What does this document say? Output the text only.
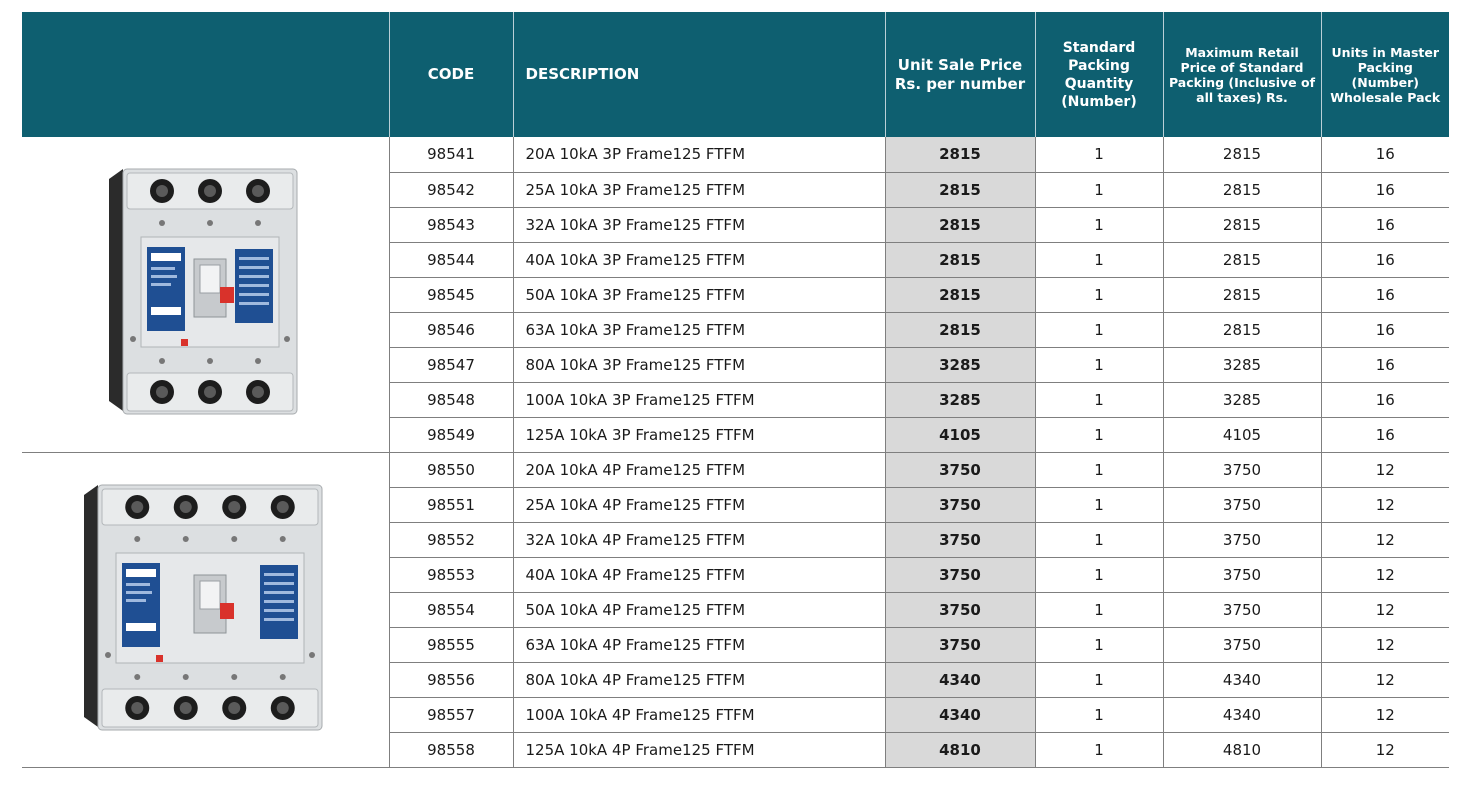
	CODE	DESCRIPTION	Unit Sale Price Rs. per number	Standard Packing Quantity (Number)	Maximum Retail Price of Standard Packing (Inclusive of all taxes) Rs.	Units in Master Packing (Number) Wholesale Pack

	98541	20A 10kA 3P Frame125 FTFM	2815	1	2815	16
	98542	25A 10kA 3P Frame125 FTFM	2815	1	2815	16
	98543	32A 10kA 3P Frame125 FTFM	2815	1	2815	16
	98544	40A 10kA 3P Frame125 FTFM	2815	1	2815	16
	98545	50A 10kA 3P Frame125 FTFM	2815	1	2815	16
	98546	63A 10kA 3P Frame125 FTFM	2815	1	2815	16
	98547	80A 10kA 3P Frame125 FTFM	3285	1	3285	16
	98548	100A 10kA 3P Frame125 FTFM	3285	1	3285	16
	98549	125A 10kA 3P Frame125 FTFM	4105	1	4105	16

	98550	20A 10kA 4P Frame125 FTFM	3750	1	3750	12
	98551	25A 10kA 4P Frame125 FTFM	3750	1	3750	12
	98552	32A 10kA 4P Frame125 FTFM	3750	1	3750	12
	98553	40A 10kA 4P Frame125 FTFM	3750	1	3750	12
	98554	50A 10kA 4P Frame125 FTFM	3750	1	3750	12
	98555	63A 10kA 4P Frame125 FTFM	3750	1	3750	12
	98556	80A 10kA 4P Frame125 FTFM	4340	1	4340	12
	98557	100A 10kA 4P Frame125 FTFM	4340	1	4340	12
	98558	125A 10kA 4P Frame125 FTFM	4810	1	4810	12
